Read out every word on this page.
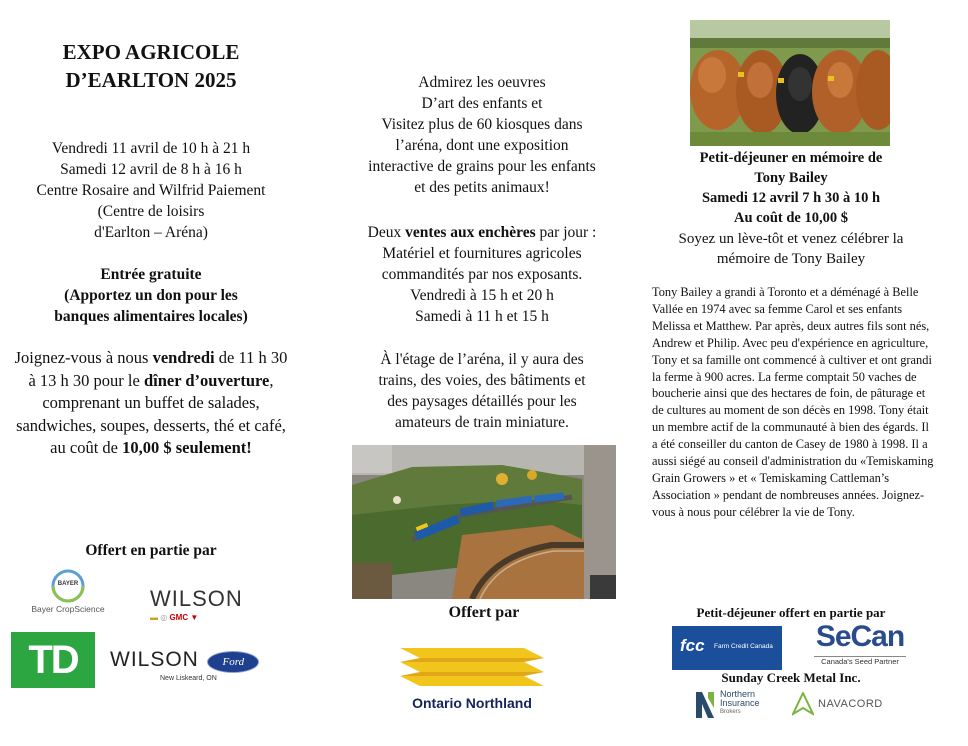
EXPO AGRICOLE
D’EARLTON 2025
Vendredi 11 avril de 10 h à 21 h
Samedi 12 avril de 8 h à 16 h
Centre Rosaire and Wilfrid Paiement
(Centre de loisirs
d'Earlton – Aréna)
Entrée gratuite
(Apportez un don pour les
banques alimentaires locales)
Joignez-vous à nous vendredi de 11 h 30 à 13 h 30 pour le dîner d’ouverture, comprenant un buffet de salades, sandwiches, soupes, desserts, thé et café, au coût de 10,00 $ seulement!
Offert en partie par
BAYER
Bayer CropScience	WILSON
▬ ◎ GMC ▼
TD	WILSON Ford
New Liskeard, ON
Admirez les oeuvres
D’art des enfants et
Visitez plus de 60 kiosques dans
l’aréna, dont une exposition
interactive de grains pour les enfants
et des petits animaux!
Deux ventes aux enchères par jour :
Matériel et fournitures agricoles
commandités par nos exposants.
Vendredi à 15 h et 20 h
Samedi à 11 h et 15 h
À l'étage de l’aréna, il y aura des
trains, des voies, des bâtiments et
des paysages détaillés pour les
amateurs de train miniature.
Offert par
Ontario Northland
Petit-déjeuner en mémoire de
Tony Bailey
Samedi 12 avril 7 h 30 à 10 h
Au coût de 10,00 $
Soyez un lève-tôt et venez célébrer la
mémoire de Tony Bailey
Tony Bailey a grandi à Toronto et a déménagé à Belle Vallée en 1974 avec sa femme Carol et ses enfants Melissa et Matthew. Par après, deux autres fils sont nés, Andrew et Philip. Avec peu d'expérience en agriculture, Tony et sa famille ont commencé à cultiver et ont grandi la ferme à 900 acres. La ferme comptait 50 vaches de boucherie ainsi que des hectares de foin, de pâturage et de cultures au moment de son décès en 1998. Tony était un membre actif de la communauté à bien des égards. Il a été conseiller du canton de Casey de 1980 à 1998. Il a aussi siégé au conseil d'administration du «Temiskaming Grain Growers » et « Temiskaming Cattleman’s Association » pendant de nombreuses années. Joignez-vous à nous pour célébrer la vie de Tony.
Petit-déjeuner offert en partie par
fcc Farm Credit Canada	SeCan
Canada's Seed Partner
Sunday Creek Metal Inc.
Northern
Insurance
Brokers
NAVACORD
